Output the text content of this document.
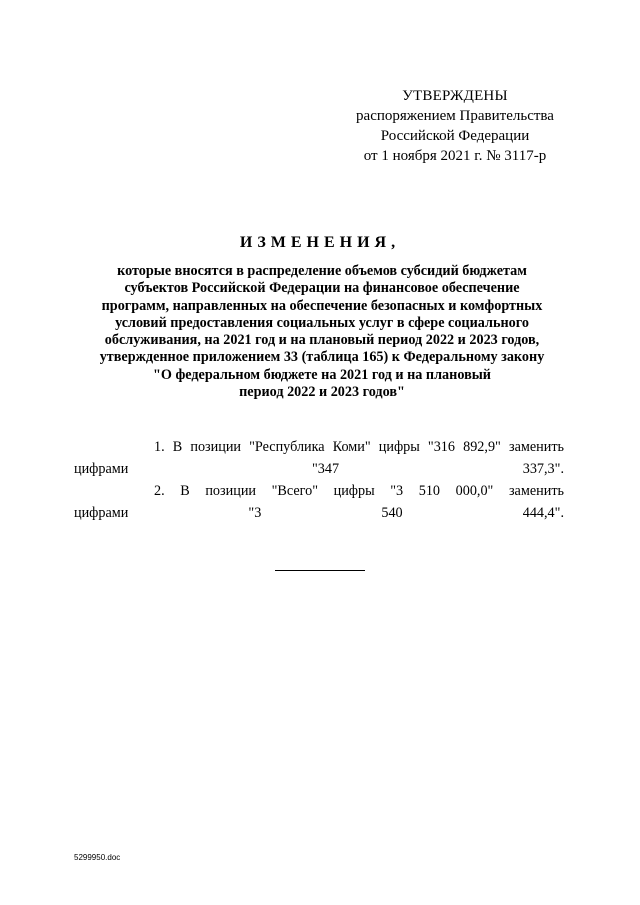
УТВЕРЖДЕНЫ
распоряжением Правительства
Российской Федерации
от 1 ноября 2021 г. № 3117-р
ИЗМЕНЕНИЯ,
которые вносятся в распределение объемов субсидий бюджетам
субъектов Российской Федерации на финансовое обеспечение
программ, направленных на обеспечение безопасных и комфортных
условий предоставления социальных услуг в сфере социального
обслуживания, на 2021 год и на плановый период 2022 и 2023 годов,
утвержденное приложением 33 (таблица 165) к Федеральному закону
"О федеральном бюджете на 2021 год и на плановый
период 2022 и 2023 годов"
1. В позиции "Республика Коми" цифры "316 892,9" заменить
цифрами "347 337,3".
2. В позиции "Всего" цифры "3 510 000,0" заменить
цифрами "3 540 444,4".
5299950.doc
